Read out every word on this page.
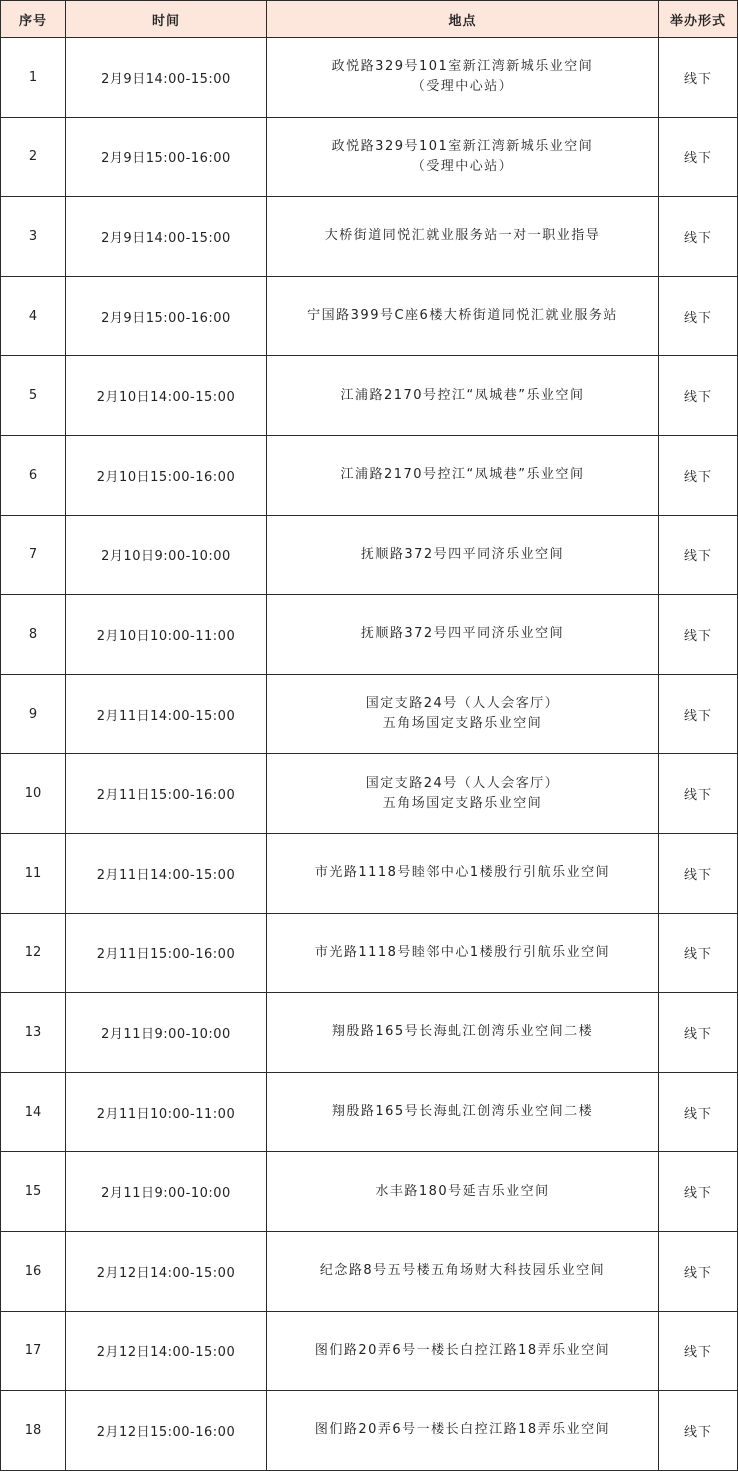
序号	时间	地点	举办形式
1	2月9日14:00-15:00	政悦路329号101室新江湾新城乐业空间
（受理中心站）	线下
2	2月9日15:00-16:00	政悦路329号101室新江湾新城乐业空间
（受理中心站）	线下
3	2月9日14:00-15:00	大桥街道同悦汇就业服务站一对一职业指导	线下
4	2月9日15:00-16:00	宁国路399号C座6楼大桥街道同悦汇就业服务站	线下
5	2月10日14:00-15:00	江浦路2170号控江“凤城巷”乐业空间	线下
6	2月10日15:00-16:00	江浦路2170号控江“凤城巷”乐业空间	线下
7	2月10日9:00-10:00	抚顺路372号四平同济乐业空间	线下
8	2月10日10:00-11:00	抚顺路372号四平同济乐业空间	线下
9	2月11日14:00-15:00	国定支路24号（人人会客厅）
五角场国定支路乐业空间	线下
10	2月11日15:00-16:00	国定支路24号（人人会客厅）
五角场国定支路乐业空间	线下
11	2月11日14:00-15:00	市光路1118号睦邻中心1楼殷行引航乐业空间	线下
12	2月11日15:00-16:00	市光路1118号睦邻中心1楼殷行引航乐业空间	线下
13	2月11日9:00-10:00	翔殷路165号长海虬江创湾乐业空间二楼	线下
14	2月11日10:00-11:00	翔殷路165号长海虬江创湾乐业空间二楼	线下
15	2月11日9:00-10:00	水丰路180号延吉乐业空间	线下
16	2月12日14:00-15:00	纪念路8号五号楼五角场财大科技园乐业空间	线下
17	2月12日14:00-15:00	图们路20弄6号一楼长白控江路18弄乐业空间	线下
18	2月12日15:00-16:00	图们路20弄6号一楼长白控江路18弄乐业空间	线下
